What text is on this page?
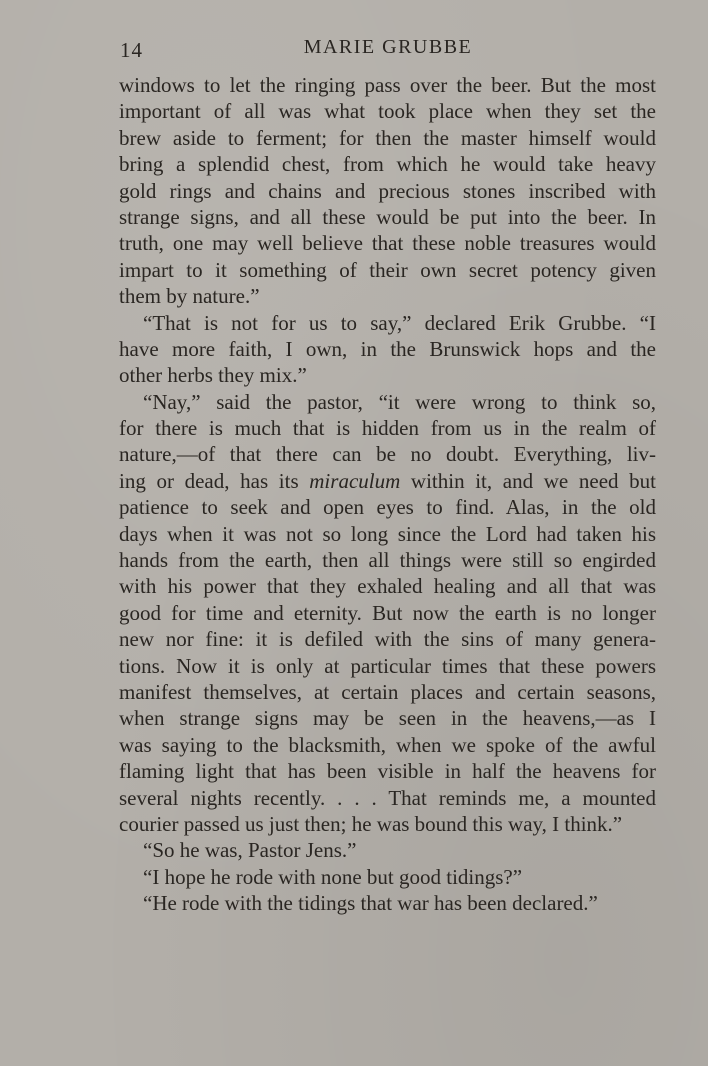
14	MARIE GRUBBE
windows to let the ringing pass over the beer. But the most
important of all was what took place when they set the
brew aside to ferment; for then the master himself would
bring a splendid chest, from which he would take heavy
gold rings and chains and precious stones inscribed with
strange signs, and all these would be put into the beer. In
truth, one may well believe that these noble treasures would
impart to it something of their own secret potency given
them by nature.”
“That is not for us to say,” declared Erik Grubbe. “I
have more faith, I own, in the Brunswick hops and the
other herbs they mix.”
“Nay,” said the pastor, “it were wrong to think so,
for there is much that is hidden from us in the realm of
nature,—of that there can be no doubt. Everything, liv-
ing or dead, has its miraculum within it, and we need but
patience to seek and open eyes to find. Alas, in the old
days when it was not so long since the Lord had taken his
hands from the earth, then all things were still so engirded
with his power that they exhaled healing and all that was
good for time and eternity. But now the earth is no longer
new nor fine: it is defiled with the sins of many genera-
tions. Now it is only at particular times that these powers
manifest themselves, at certain places and certain seasons,
when strange signs may be seen in the heavens,—as I
was saying to the blacksmith, when we spoke of the awful
flaming light that has been visible in half the heavens for
several nights recently. . . . That reminds me, a mounted
courier passed us just then; he was bound this way, I think.”
“So he was, Pastor Jens.”
“I hope he rode with none but good tidings?”
“He rode with the tidings that war has been declared.”
